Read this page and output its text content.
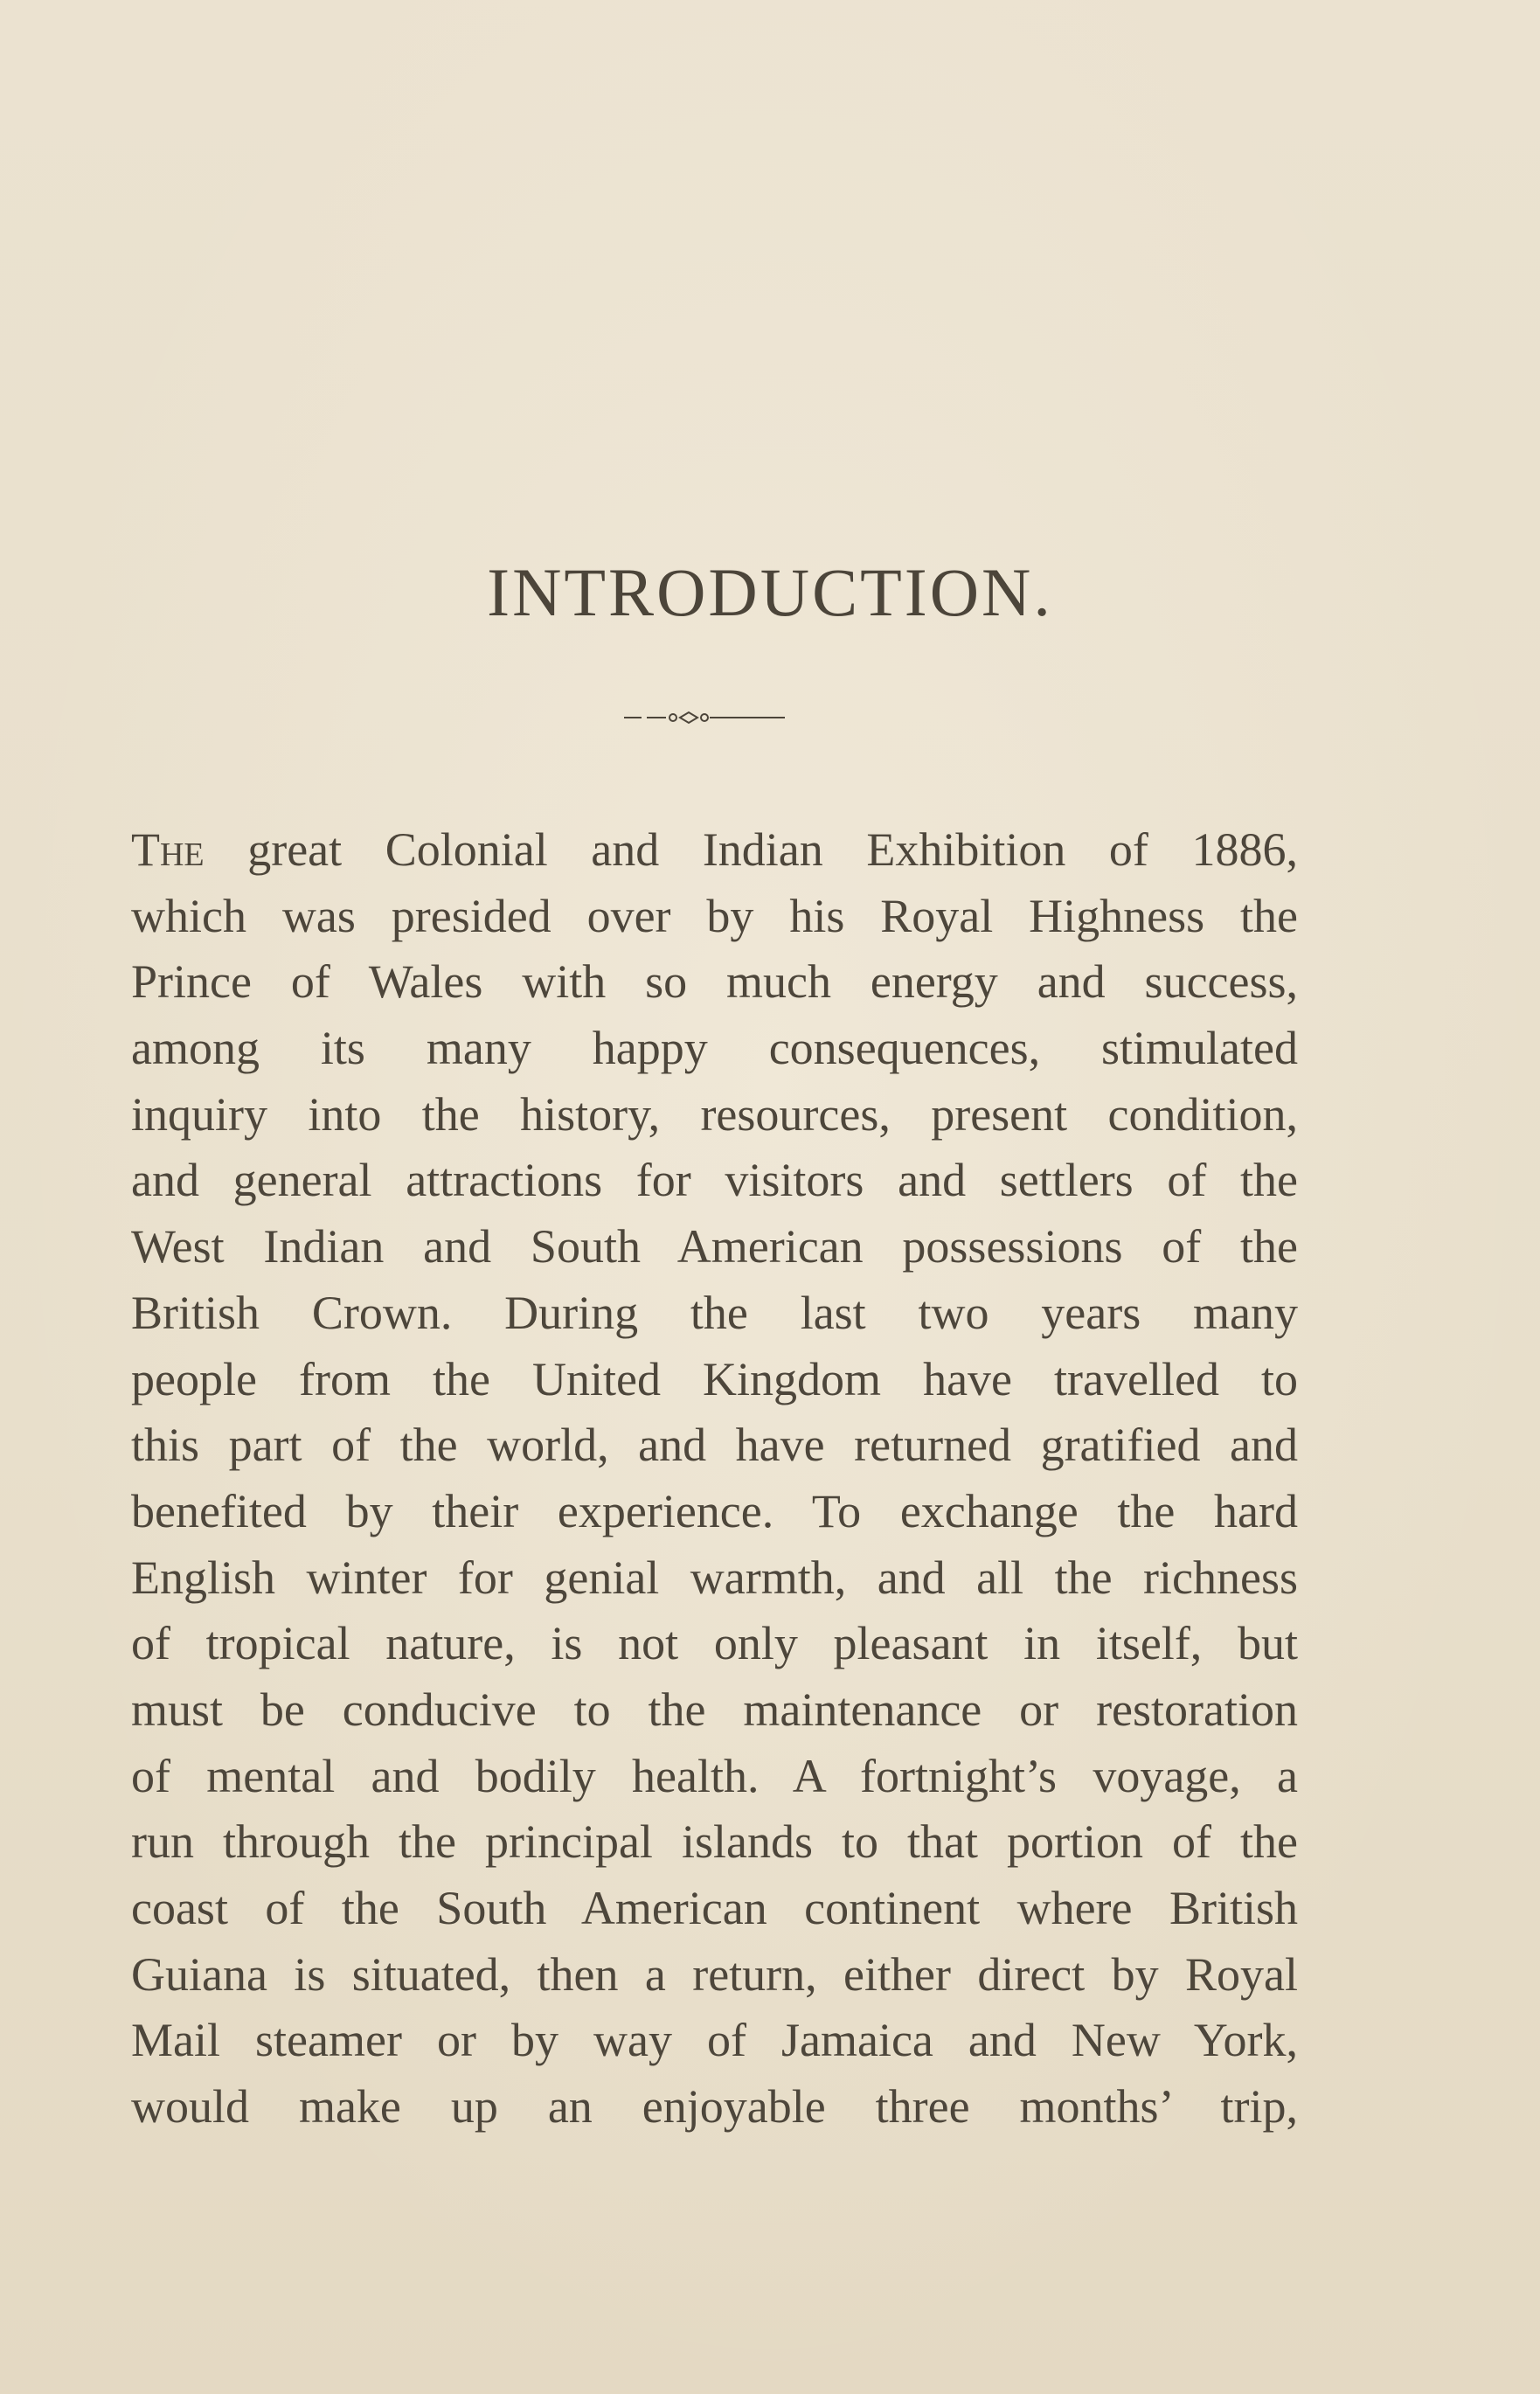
INTRODUCTION.
The great Colonial and Indian Exhibition of 1886,
which was presided over by his Royal Highness the
Prince of Wales with so much energy and success,
among its many happy consequences, stimulated
inquiry into the history, resources, present condition,
and general attractions for visitors and settlers of the
West Indian and South American possessions of the
British Crown. During the last two years many
people from the United Kingdom have travelled to
this part of the world, and have returned gratified and
benefited by their experience. To exchange the hard
English winter for genial warmth, and all the richness
of tropical nature, is not only pleasant in itself, but
must be conducive to the maintenance or restoration
of mental and bodily health. A fortnight’s voyage, a
run through the principal islands to that portion of the
coast of the South American continent where British
Guiana is situated, then a return, either direct by Royal
Mail steamer or by way of Jamaica and New York,
would make up an enjoyable three months’ trip,
